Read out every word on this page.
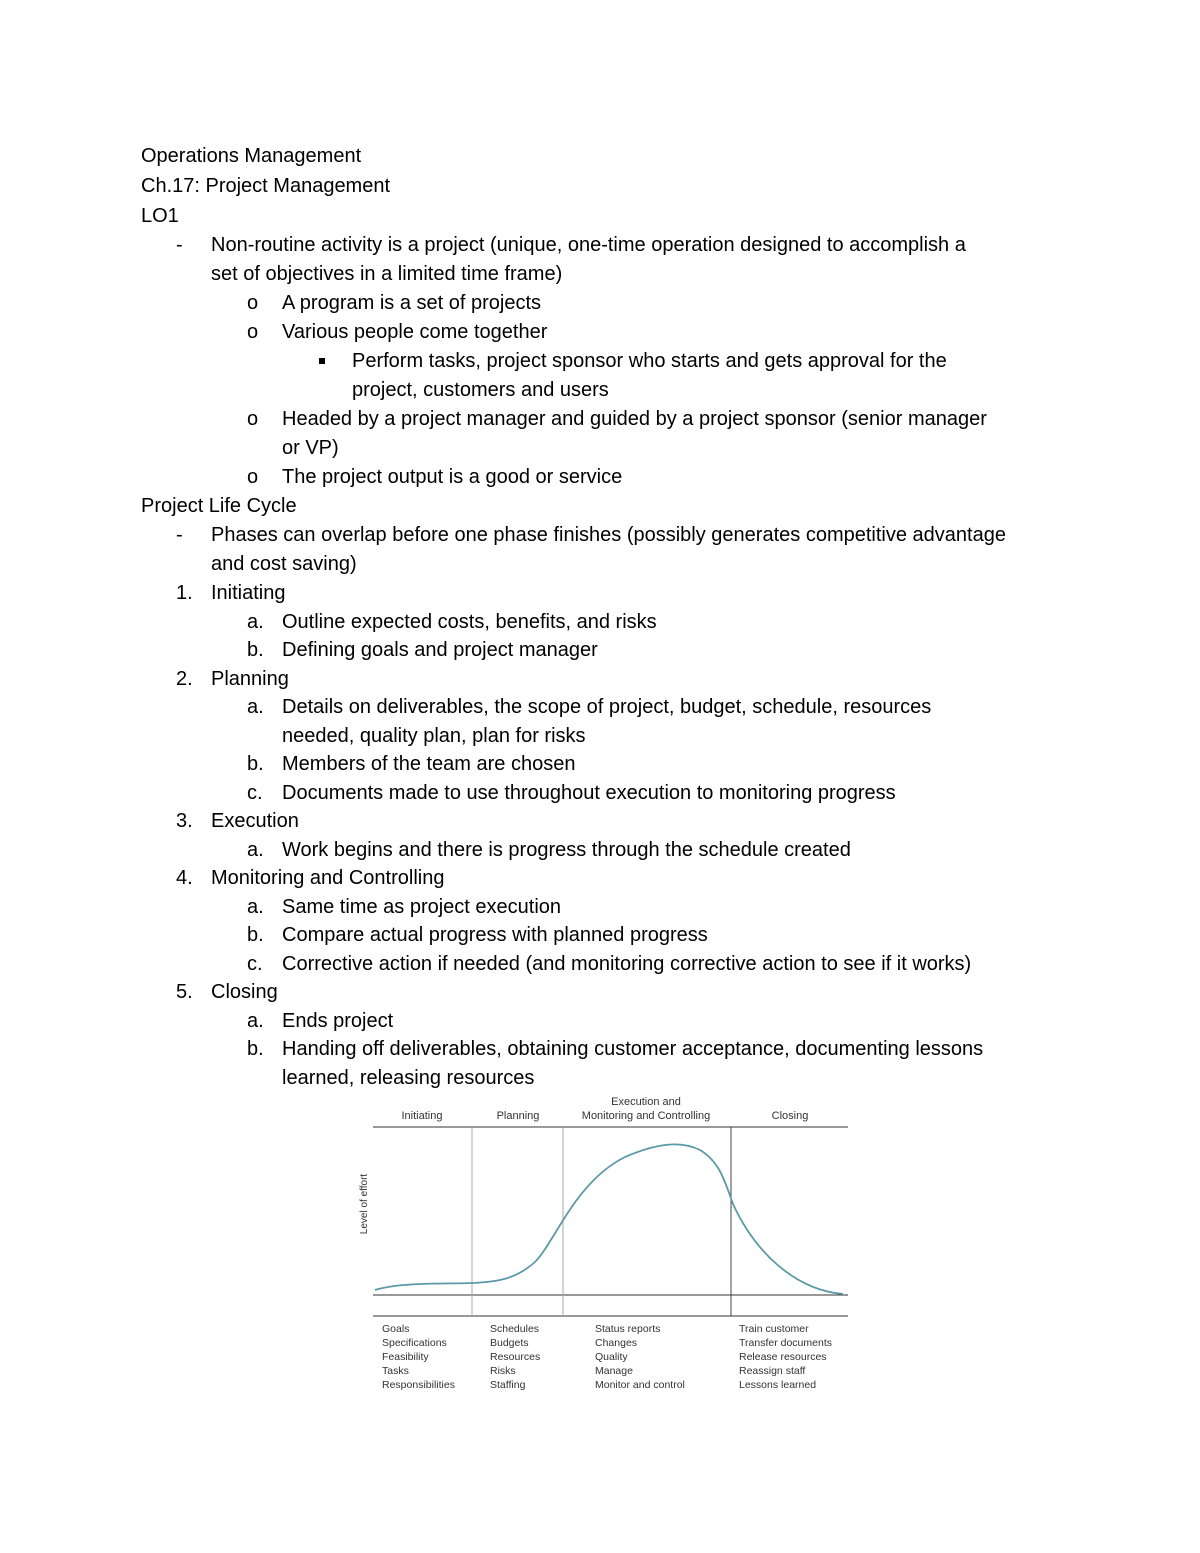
Operations Management
Ch.17: Project Management
LO1
- Non-routine activity is a project (unique, one-time operation designed to accomplish a
set of objectives in a limited time frame)
o A program is a set of projects
o Various people come together
Perform tasks, project sponsor who starts and gets approval for the
project, customers and users
o Headed by a project manager and guided by a project sponsor (senior manager
or VP)
o The project output is a good or service
Project Life Cycle
- Phases can overlap before one phase finishes (possibly generates competitive advantage
and cost saving)
1. Initiating
a. Outline expected costs, benefits, and risks
b. Defining goals and project manager
2. Planning
a. Details on deliverables, the scope of project, budget, schedule, resources
needed, quality plan, plan for risks
b. Members of the team are chosen
c. Documents made to use throughout execution to monitoring progress
3. Execution
a. Work begins and there is progress through the schedule created
4. Monitoring and Controlling
a. Same time as project execution
b. Compare actual progress with planned progress
c. Corrective action if needed (and monitoring corrective action to see if it works)
5. Closing
a. Ends project
b. Handing off deliverables, obtaining customer acceptance, documenting lessons
learned, releasing resources
Initiating
Goals
Specifications
Feasibility
Tasks
Responsibilities
Planning
Schedules
Budgets
Resources
Risks
Staffing
Execution and
Monitoring and Controlling
Status reports
Changes
Quality
Manage
Monitor and control
Closing
Train customer
Transfer documents
Release resources
Reassign staff
Lessons learned
Level of effort
